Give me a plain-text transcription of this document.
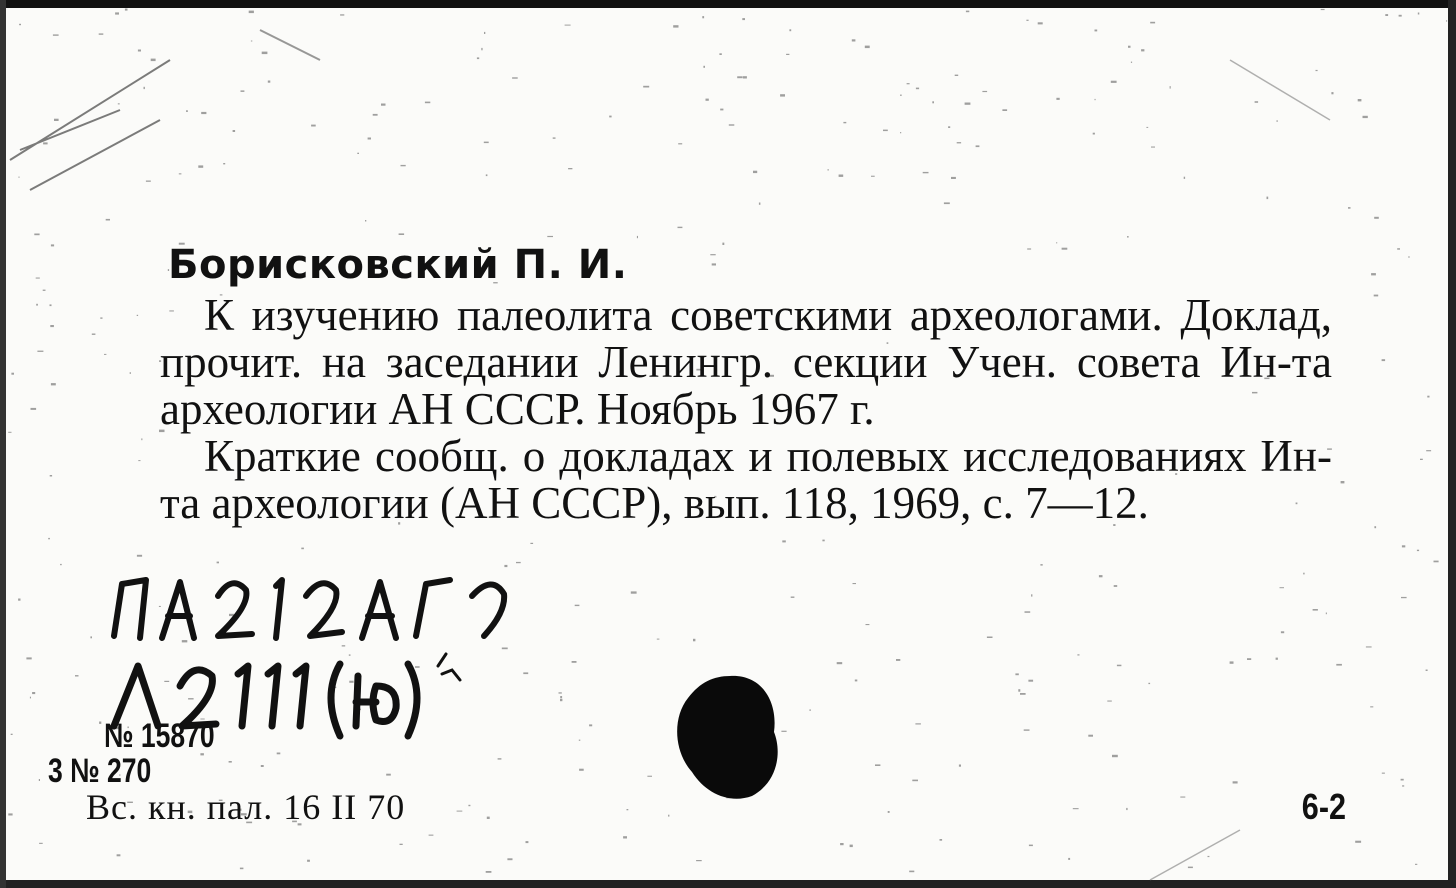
Борисковский П. И.

К изучению палеолита советскими археологами. Доклад, прочит. на заседании Ленингр. секции Учен. совета Ин-та археологии АН СССР. Ноябрь 1967 г.

Краткие сообщ. о докладах и полевых исследованиях Ин-та археологии (АН СССР), вып. 118, 1969, с. 7—12.

№ 15870
3 № 270
Вс. кн. пал. 16 II 70	6-2
